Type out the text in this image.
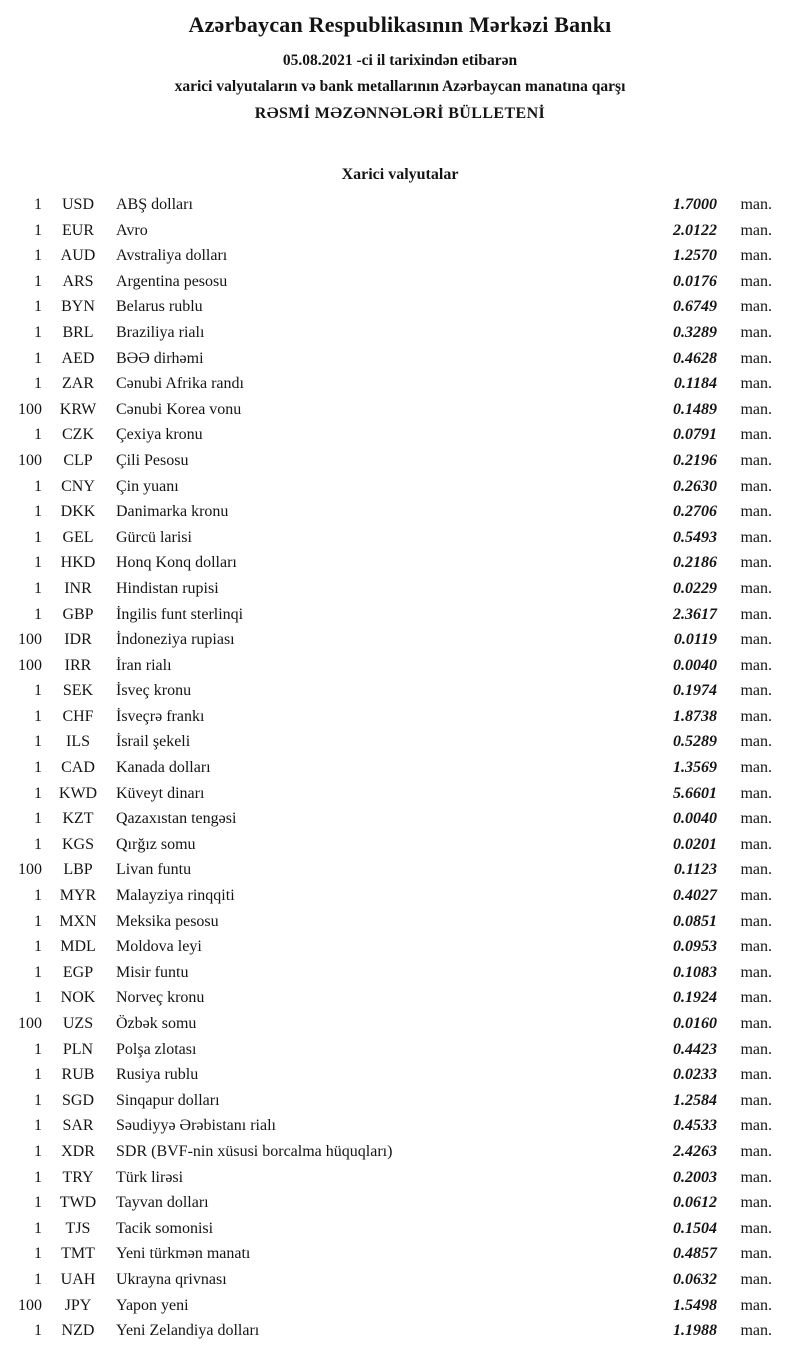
Azərbaycan Respublikasının Mərkəzi Bankı
05.08.2021 -ci il tarixindən etibarən
xarici valyutaların və bank metallarının Azərbaycan manatına qarşı
RƏSMİ MƏZƏNNƏLƏRİ BÜLLETENİ
Xarici valyutalar
1	USD	ABŞ dolları	1.7000	man.
1	EUR	Avro	2.0122	man.
1	AUD	Avstraliya dolları	1.2570	man.
1	ARS	Argentina pesosu	0.0176	man.
1	BYN	Belarus rublu	0.6749	man.
1	BRL	Braziliya rialı	0.3289	man.
1	AED	BƏƏ dirhəmi	0.4628	man.
1	ZAR	Cənubi Afrika randı	0.1184	man.
100	KRW	Cənubi Korea vonu	0.1489	man.
1	CZK	Çexiya kronu	0.0791	man.
100	CLP	Çili Pesosu	0.2196	man.
1	CNY	Çin yuanı	0.2630	man.
1	DKK	Danimarka kronu	0.2706	man.
1	GEL	Gürcü larisi	0.5493	man.
1	HKD	Honq Konq dolları	0.2186	man.
1	INR	Hindistan rupisi	0.0229	man.
1	GBP	İngilis funt sterlinqi	2.3617	man.
100	IDR	İndoneziya rupiası	0.0119	man.
100	IRR	İran rialı	0.0040	man.
1	SEK	İsveç kronu	0.1974	man.
1	CHF	İsveçrə frankı	1.8738	man.
1	ILS	İsrail şekeli	0.5289	man.
1	CAD	Kanada dolları	1.3569	man.
1	KWD	Küveyt dinarı	5.6601	man.
1	KZT	Qazaxıstan tengəsi	0.0040	man.
1	KGS	Qırğız somu	0.0201	man.
100	LBP	Livan funtu	0.1123	man.
1	MYR	Malayziya rinqqiti	0.4027	man.
1	MXN	Meksika pesosu	0.0851	man.
1	MDL	Moldova leyi	0.0953	man.
1	EGP	Misir funtu	0.1083	man.
1	NOK	Norveç kronu	0.1924	man.
100	UZS	Özbək somu	0.0160	man.
1	PLN	Polşa zlotası	0.4423	man.
1	RUB	Rusiya rublu	0.0233	man.
1	SGD	Sinqapur dolları	1.2584	man.
1	SAR	Səudiyyə Ərəbistanı rialı	0.4533	man.
1	XDR	SDR (BVF-nin xüsusi borcalma hüquqları)	2.4263	man.
1	TRY	Türk lirəsi	0.2003	man.
1	TWD	Tayvan dolları	0.0612	man.
1	TJS	Tacik somonisi	0.1504	man.
1	TMT	Yeni türkmən manatı	0.4857	man.
1	UAH	Ukrayna qrivnası	0.0632	man.
100	JPY	Yapon yeni	1.5498	man.
1	NZD	Yeni Zelandiya dolları	1.1988	man.
